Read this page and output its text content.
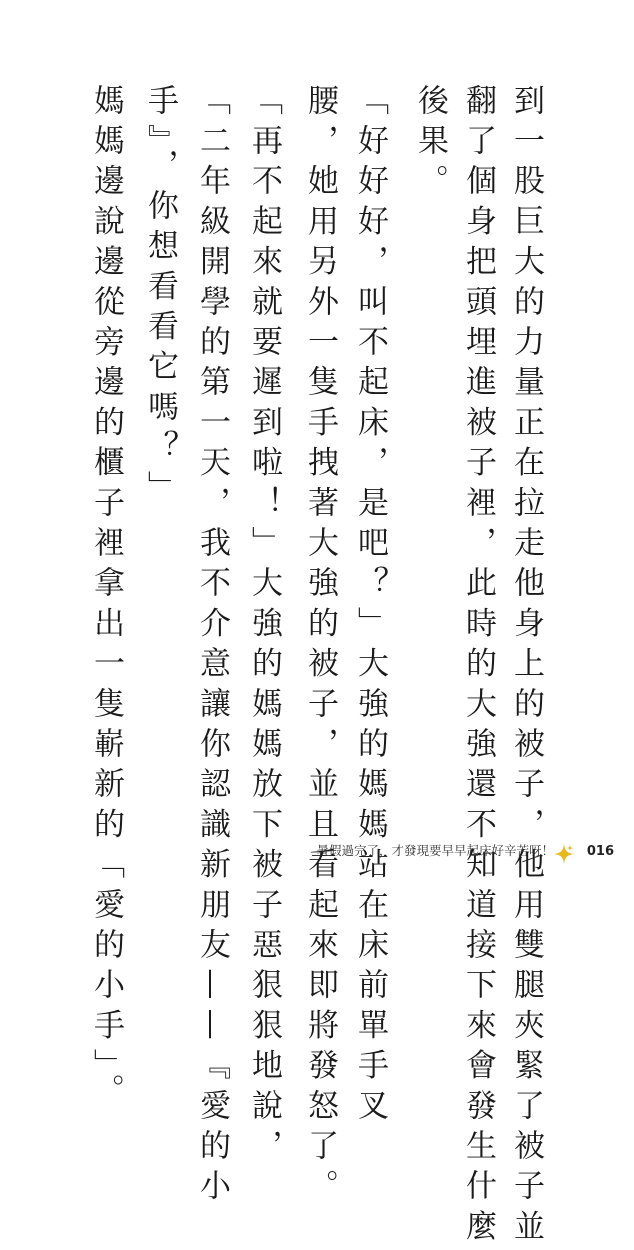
到一股巨大的力量正在拉走他身上的被子，他用雙腿夾緊了被子並
翻了個身把頭埋進被子裡，此時的大強還不知道接下來會發生什麼
後果。
「好好好，叫不起床，是吧？」大強的媽媽站在床前單手叉
腰，她用另外一隻手拽著大強的被子，並且看起來即將發怒了。
「再不起來就要遲到啦！」大強的媽媽放下被子惡狠狠地說，
「二年級開學的第一天，我不介意讓你認識新朋友——『愛的小
手』，你想看看它嗎？」
媽媽邊說邊從旁邊的櫃子裡拿出一隻嶄新的「愛的小手」。	暑假過完了，才發現要早早起床好辛苦呀！	016
